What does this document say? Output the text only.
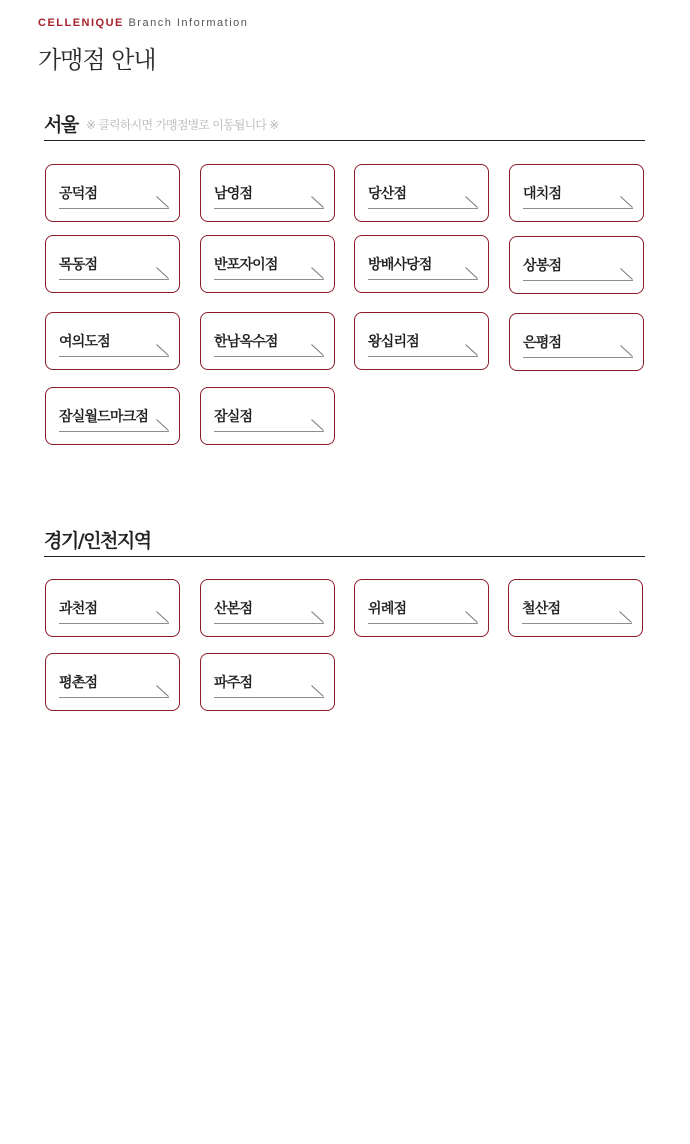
CELLENIQUE Branch Information
가맹점 안내
서울 ※ 클릭하시면 가맹점별로 이동됩니다 ※
경기/인천지역
공덕점	남영점	당산점	대치점
목동점	반포자이점	방배사당점	상봉점
여의도점	한남옥수점	왕십리점	은평점
잠실월드마크점	잠실점
과천점	산본점	위례점	철산점
평촌점	파주점
